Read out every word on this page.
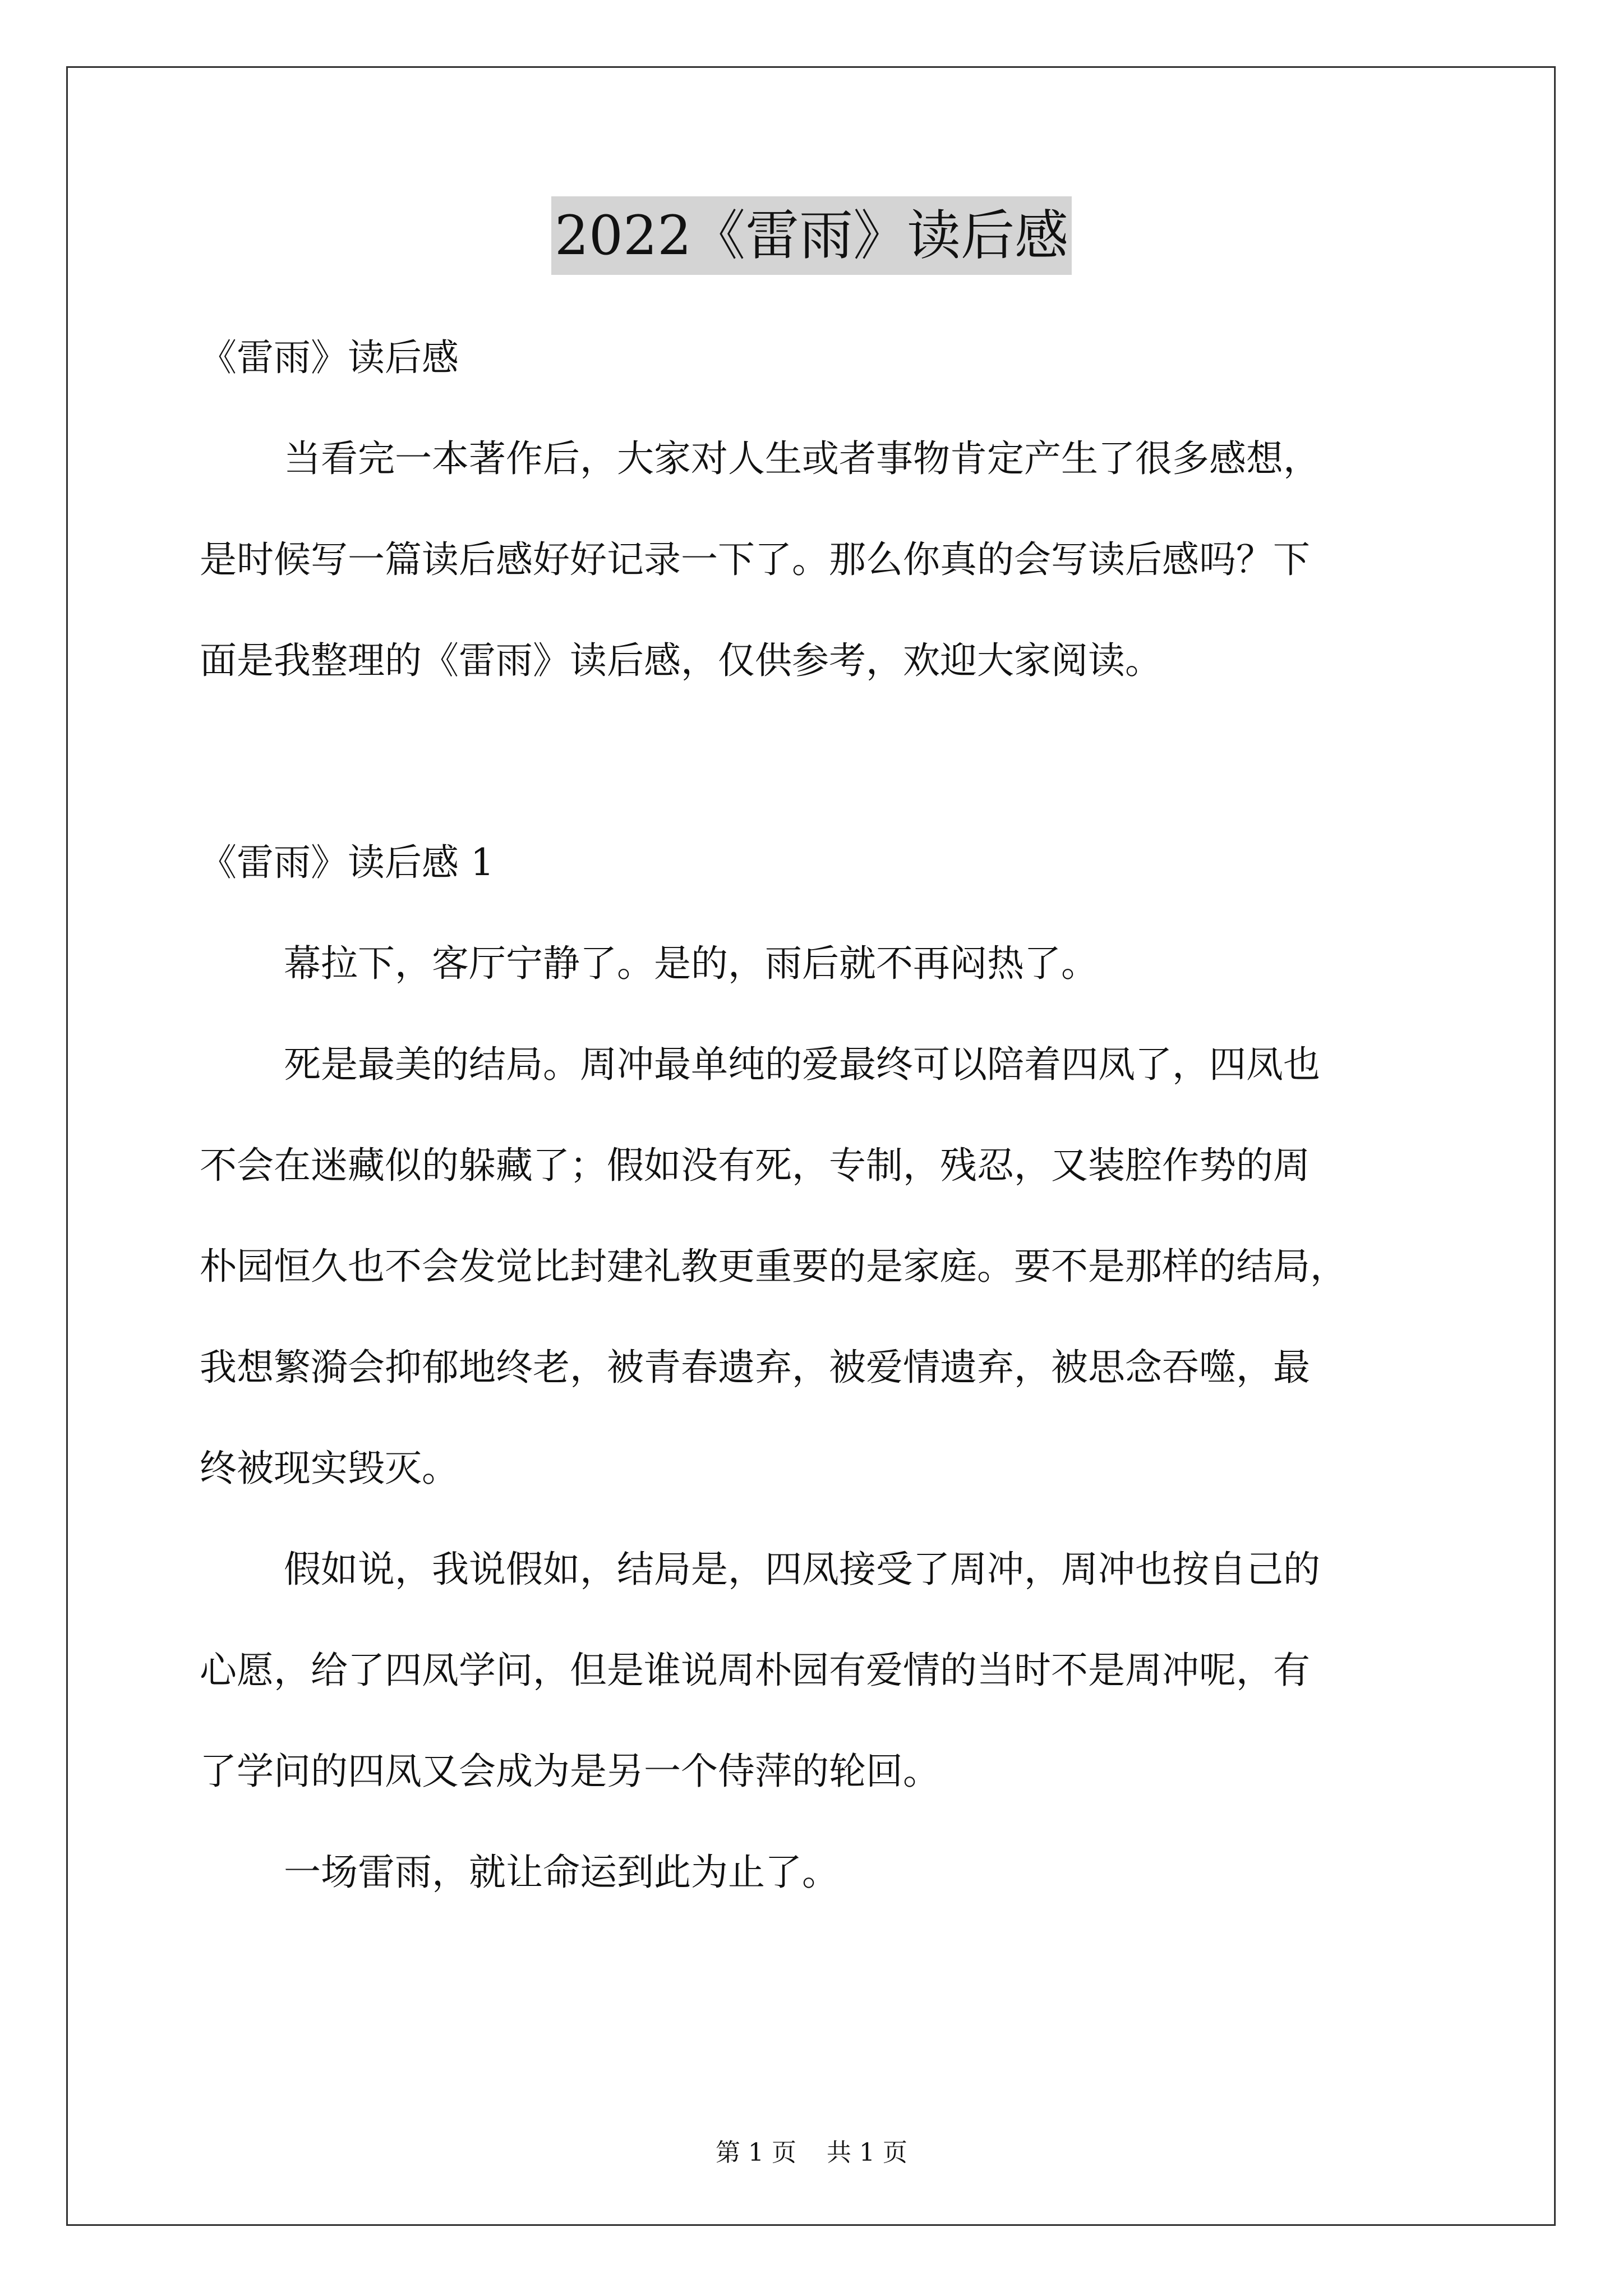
2022《雷雨》读后感
《雷雨》读后感
当看完一本著作后，大家对人生或者事物肯定产生了很多感想，
是时候写一篇读后感好好记录一下了。那么你真的会写读后感吗？下
面是我整理的《雷雨》读后感，仅供参考，欢迎大家阅读。
《雷雨》读后感 1
幕拉下，客厅宁静了。是的，雨后就不再闷热了。
死是最美的结局。周冲最单纯的爱最终可以陪着四凤了，四凤也
不会在迷藏似的躲藏了；假如没有死，专制，残忍，又装腔作势的周
朴园恒久也不会发觉比封建礼教更重要的是家庭。要不是那样的结局，
我想繁漪会抑郁地终老，被青春遗弃，被爱情遗弃，被思念吞噬，最
终被现实毁灭。
假如说，我说假如，结局是，四凤接受了周冲，周冲也按自己的
心愿，给了四凤学问，但是谁说周朴园有爱情的当时不是周冲呢，有
了学问的四凤又会成为是另一个侍萍的轮回。
一场雷雨，就让命运到此为止了。
第 1 页 共 1 页
